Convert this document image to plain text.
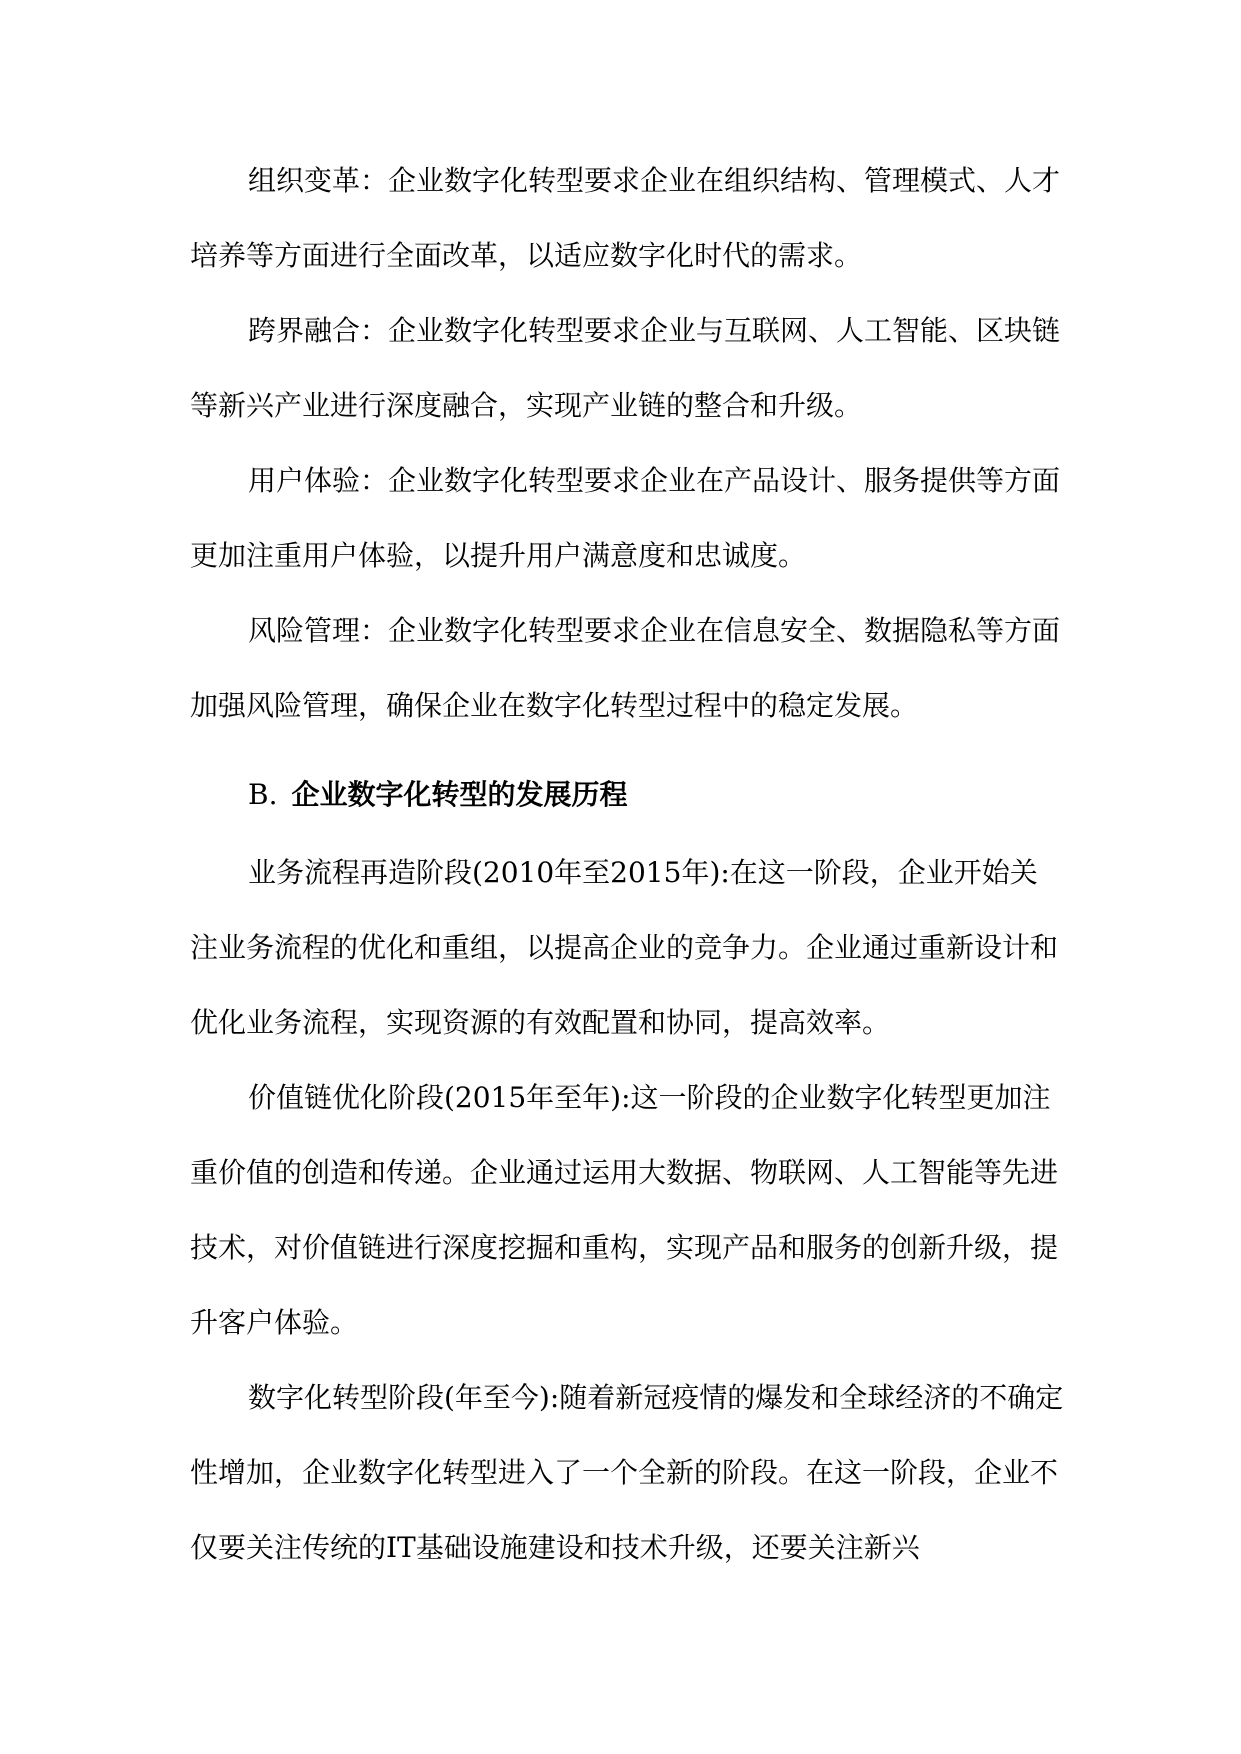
组织变革：企业数字化转型要求企业在组织结构、管理模式、人才培养等方面进行全面改革，以适应数字化时代的需求。

跨界融合：企业数字化转型要求企业与互联网、人工智能、区块链等新兴产业进行深度融合，实现产业链的整合和升级。

用户体验：企业数字化转型要求企业在产品设计、服务提供等方面更加注重用户体验，以提升用户满意度和忠诚度。

风险管理：企业数字化转型要求企业在信息安全、数据隐私等方面加强风险管理，确保企业在数字化转型过程中的稳定发展。

B. 企业数字化转型的发展历程

业务流程再造阶段(2010年至2015年):在这一阶段，企业开始关注业务流程的优化和重组，以提高企业的竞争力。企业通过重新设计和优化业务流程，实现资源的有效配置和协同，提高效率。

价值链优化阶段(2015年至年):这一阶段的企业数字化转型更加注重价值的创造和传递。企业通过运用大数据、物联网、人工智能等先进技术，对价值链进行深度挖掘和重构，实现产品和服务的创新升级，提升客户体验。

数字化转型阶段(年至今):随着新冠疫情的爆发和全球经济的不确定性增加，企业数字化转型进入了一个全新的阶段。在这一阶段，企业不仅要关注传统的IT基础设施建设和技术升级，还要关注新兴
